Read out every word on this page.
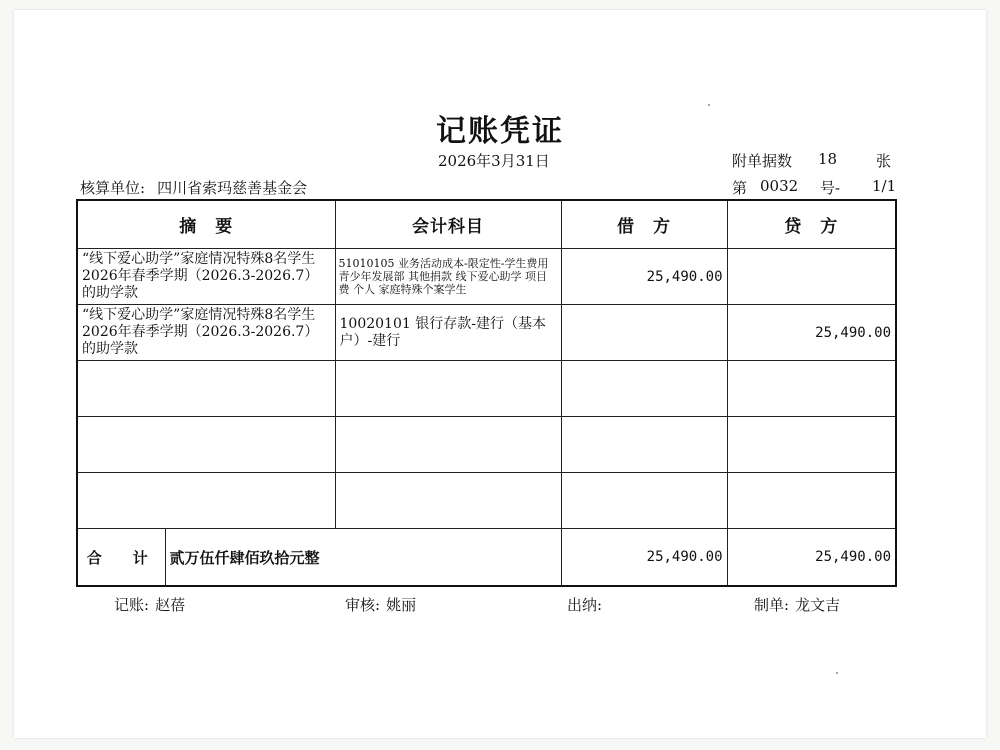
记账凭证
2026年3月31日	附单据数 18	张
核算单位: 四川省索玛慈善基金会	第 0032 号- 1/1
摘　要		会计科目	借　方	贷　方
“线下爱心助学”家庭情况特殊8名学生2026年春季学期（2026.3-2026.7）的助学款		51010105 业务活动成本-限定性-学生费用 青少年发展部 其他捐款 线下爱心助学 项目费 个人 家庭特殊个案学生	25,490.00	
“线下爱心助学”家庭情况特殊8名学生2026年春季学期（2026.3-2026.7）的助学款		10020101 银行存款-建行（基本户）-建行		25,490.00

合　计	贰万伍仟肆佰玖拾元整		25,490.00	25,490.00
记账: 赵蓓	审核: 姚丽	出纳:	制单: 龙文吉
